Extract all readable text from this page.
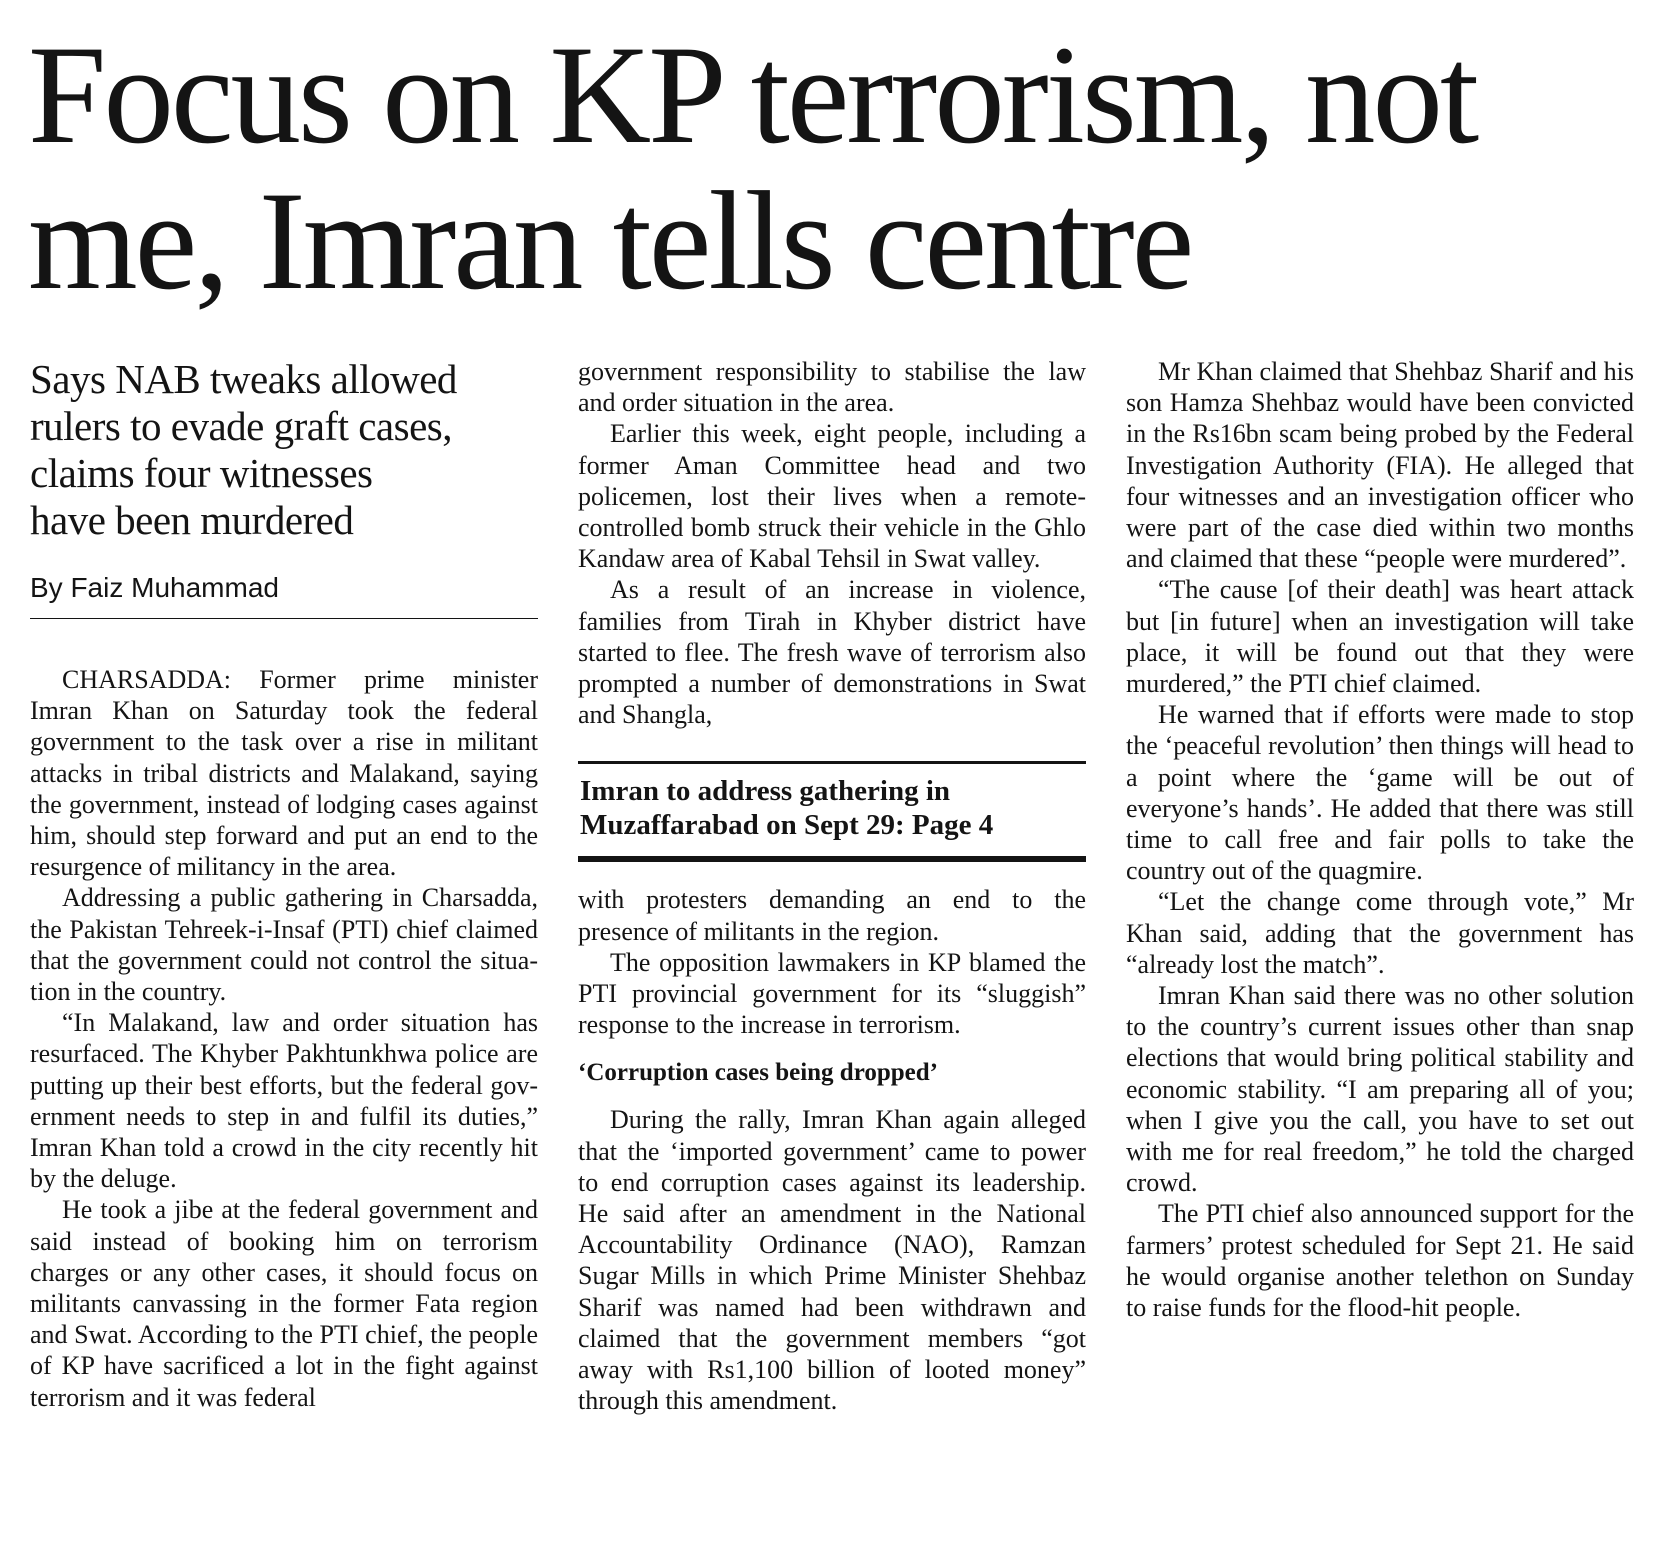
Focus on KP terrorism, not
me, Imran tells centre
Says NAB tweaks allowed
rulers to evade graft cases,
claims four witnesses
have been murdered
By Faiz Muhammad

CHARSADDA: Former prime minister Imran Khan on Saturday took the federal government to the task over a rise in militant attacks in tribal districts and Malakand, saying the government, instead of lodging cases against him, should step forward and put an end to the resurgence of militancy in the area.

Addressing a public gathering in Charsadda, the Pakistan Tehreek-i-Insaf (PTI) chief claimed that the government could not control the situation in the country.

“In Malakand, law and order situation has resurfaced. The Khyber Pakhtunkhwa police are putting up their best efforts, but the federal government needs to step in and fulfil its duties,” Imran Khan told a crowd in the city recently hit by the deluge.

He took a jibe at the federal government and said instead of booking him on terrorism charges or any other cases, it should focus on militants canvassing in the former Fata region and Swat. According to the PTI chief, the people of KP have sacrificed a lot in the fight against terrorism and it was federal

government responsibility to stabilise the law and order situation in the area.

Earlier this week, eight people, including a former Aman Committee head and two policemen, lost their lives when a remote-controlled bomb struck their vehicle in the Ghlo Kandaw area of Kabal Tehsil in Swat valley.

As a result of an increase in violence, families from Tirah in Khyber district have started to flee. The fresh wave of terrorism also prompted a number of demonstrations in Swat and Shangla,

Imran to address gathering in
Muzaffarabad on Sept 29: Page 4

with protesters demanding an end to the presence of militants in the region.

The opposition lawmakers in KP blamed the PTI provincial government for its “sluggish” response to the increase in terrorism.

‘Corruption cases being dropped’

During the rally, Imran Khan again alleged that the ‘imported government’ came to power to end corruption cases against its leadership. He said after an amendment in the National Accountability Ordinance (NAO), Ramzan Sugar Mills in which Prime Minister Shehbaz Sharif was named had been withdrawn and claimed that the government members “got away with Rs1,100 billion of looted money” through this amendment.

Mr Khan claimed that Shehbaz Sharif and his son Hamza Shehbaz would have been convicted in the Rs16bn scam being probed by the Federal Investigation Authority (FIA). He alleged that four witnesses and an investigation officer who were part of the case died within two months and claimed that these “people were murdered”.

“The cause [of their death] was heart attack but [in future] when an investigation will take place, it will be found out that they were murdered,” the PTI chief claimed.

He warned that if efforts were made to stop the ‘peaceful revolution’ then things will head to a point where the ‘game will be out of everyone’s hands’. He added that there was still time to call free and fair polls to take the country out of the quagmire.

“Let the change come through vote,” Mr Khan said, adding that the government has “already lost the match”.

Imran Khan said there was no other solution to the country’s current issues other than snap elections that would bring political stability and economic stability. “I am preparing all of you; when I give you the call, you have to set out with me for real freedom,” he told the charged crowd.

The PTI chief also announced support for the farmers’ protest scheduled for Sept 21. He said he would organise another telethon on Sunday to raise funds for the flood-hit people.
